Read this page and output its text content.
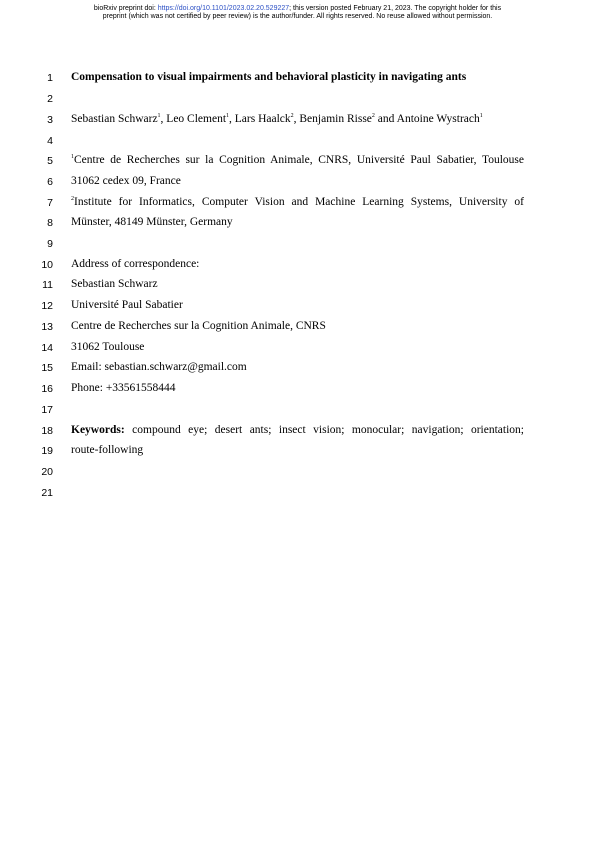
bioRxiv preprint doi: https://doi.org/10.1101/2023.02.20.529227; this version posted February 21, 2023. The copyright holder for this
preprint (which was not certified by peer review) is the author/funder. All rights reserved. No reuse allowed without permission.
1 Compensation to visual impairments and behavioral plasticity in navigating ants
2
3 Sebastian Schwarz$^1$, Leo Clement$^1$, Lars Haalck$^2$, Benjamin Risse$^2$ and Antoine Wystrach$^1$
4
5	$^1$Centre de Recherches sur la Cognition Animale, CNRS, Université Paul Sabatier, Toulouse
6 31062 cedex 09, France
7	$^2$Institute for Informatics, Computer Vision and Machine Learning Systems, University of
8 Münster, 48149 Münster, Germany
9
10 Address of correspondence:
11 Sebastian Schwarz
12 Université Paul Sabatier
13 Centre de Recherches sur la Cognition Animale, CNRS
14 31062 Toulouse
15 Email: sebastian.schwarz@gmail.com
16 Phone: +33561558444
17
18 Keywords: compound eye; desert ants; insect vision; monocular; navigation; orientation;
19 route-following
20
21
